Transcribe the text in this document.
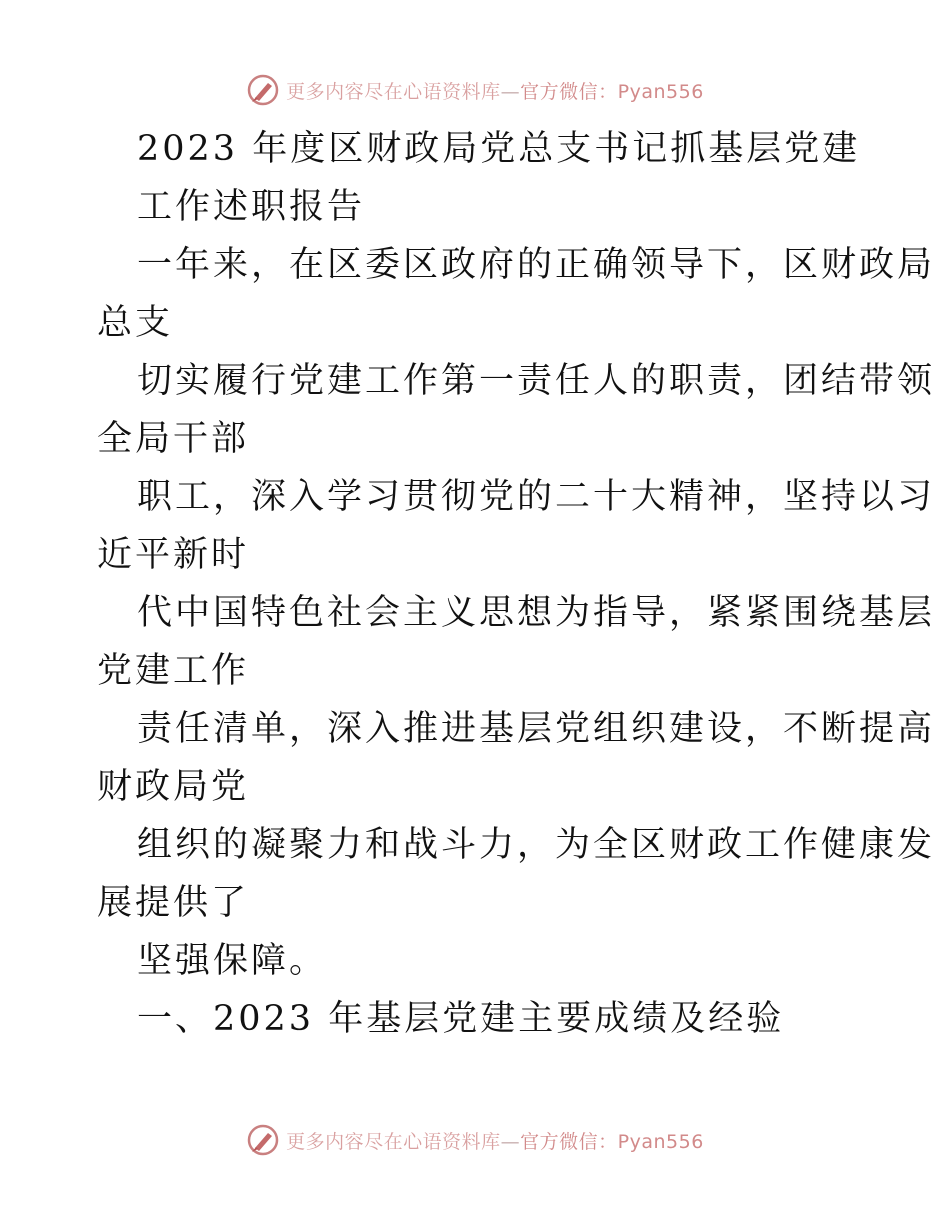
更多内容尽在心语资料库—官方微信：Pyan556
2023 年度区财政局党总支书记抓基层党建
工作述职报告
一年来，在区委区政府的正确领导下，区财政局
总支
切实履行党建工作第一责任人的职责，团结带领
全局干部
职工，深入学习贯彻党的二十大精神，坚持以习
近平新时
代中国特色社会主义思想为指导，紧紧围绕基层
党建工作
责任清单，深入推进基层党组织建设，不断提高
财政局党
组织的凝聚力和战斗力，为全区财政工作健康发
展提供了
坚强保障。
一、2023 年基层党建主要成绩及经验
更多内容尽在心语资料库—官方微信：Pyan556
